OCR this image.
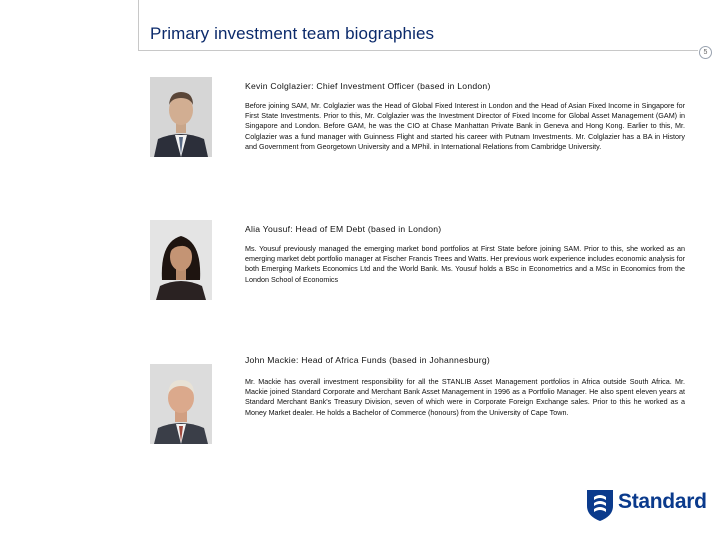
Primary investment team biographies
5
Kevin Colglazier: Chief Investment Officer (based in London)

Before joining SAM, Mr. Colglazier was the Head of Global Fixed Interest in London and the Head of Asian Fixed Income in Singapore for First State Investments. Prior to this, Mr. Colglazier was the Investment Director of Fixed Income for Global Asset Management (GAM) in Singapore and London. Before GAM, he was the CIO at Chase Manhattan Private Bank in Geneva and Hong Kong. Earlier to this, Mr. Colglazier was a fund manager with Guinness Flight and started his career with Putnam Investments. Mr. Colglazier has a BA in History and Government from Georgetown University and a MPhil. in International Relations from Cambridge University.

Alia Yousuf: Head of EM Debt (based in London)

Ms. Yousuf previously managed the emerging market bond portfolios at First State before joining SAM. Prior to this, she worked as an emerging market debt portfolio manager at Fischer Francis Trees and Watts. Her previous work experience includes economic analysis for both Emerging Markets Economics Ltd and the World Bank. Ms. Yousuf holds a BSc in Econometrics and a MSc in Economics from the London School of Economics

John Mackie: Head of Africa Funds (based in Johannesburg)

Mr. Mackie has overall investment responsibility for all the STANLIB Asset Management portfolios in Africa outside South Africa. Mr. Mackie joined Standard Corporate and Merchant Bank Asset Management in 1996 as a Portfolio Manager. He also spent eleven years at Standard Merchant Bank's Treasury Division, seven of which were in Corporate Foreign Exchange sales. Prior to this he worked as a Money Market dealer. He holds a Bachelor of Commerce (honours) from the University of Cape Town.

Standard
